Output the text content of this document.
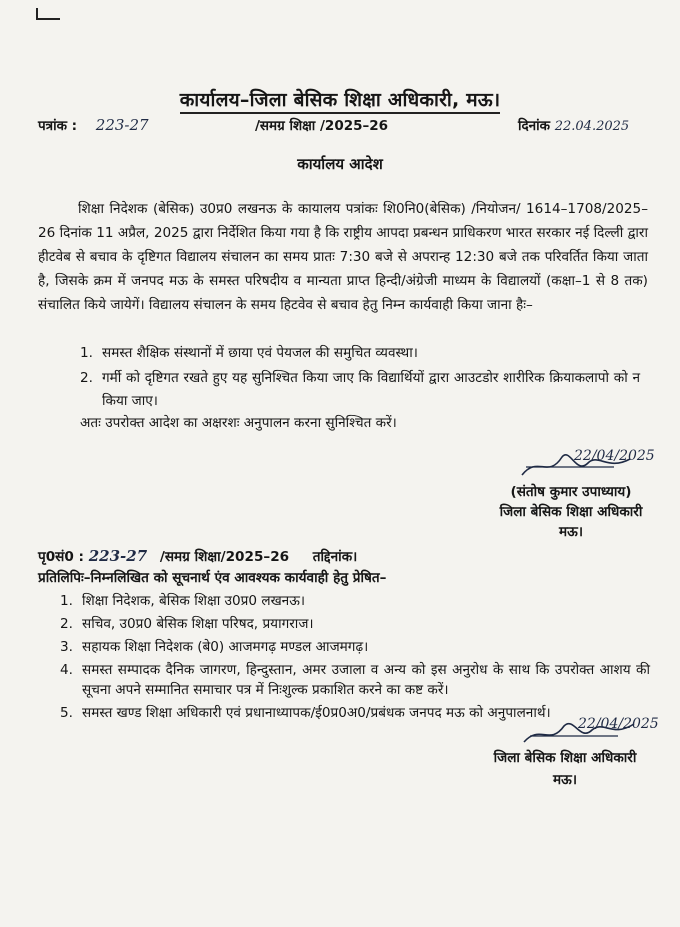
कार्यालय–जिला बेसिक शिक्षा अधिकारी, मऊ।
पत्रांक : 223-27	/समग्र शिक्षा /2025–26	दिनांक 22.04.2025
कार्यालय आदेश
शिक्षा निदेशक (बेसिक) उ0प्र0 लखनऊ के कायालय पत्रांकः शि0नि0(बेसिक) /नियोजन/ 1614–1708/2025–26 दिनांक 11 अप्रैल, 2025 द्वारा निर्देशित किया गया है कि राष्ट्रीय आपदा प्रबन्धन प्राधिकरण भारत सरकार नई दिल्ली द्वारा हीटवेब से बचाव के दृष्टिगत विद्यालय संचालन का समय प्रातः 7:30 बजे से अपरान्ह 12:30 बजे तक परिवर्तित किया जाता है, जिसके क्रम में जनपद मऊ के समस्त परिषदीय व मान्यता प्राप्त हिन्दी/अंग्रेजी माध्यम के विद्यालयों (कक्षा–1 से 8 तक) संचालित किये जायेगें। विद्यालय संचालन के समय हिटवेव से बचाव हेतु निम्न कार्यवाही किया जाना हैः–
1. समस्त शैक्षिक संस्थानों में छाया एवं पेयजल की समुचित व्यवस्था।
2. गर्मी को दृष्टिगत रखते हुए यह सुनिश्चित किया जाए कि विद्यार्थियों द्वारा आउटडोर शारीरिक क्रियाकलापो को न किया जाए।
अतः उपरोक्त आदेश का अक्षरशः अनुपालन करना सुनिश्चित करें।
22/04/2025
(संतोष कुमार उपाध्याय)
जिला बेसिक शिक्षा अधिकारी
मऊ।
पृ0सं0 : 223-27 /समग्र शिक्षा/2025–26     तद्दिनांक।
प्रतिलिपिः–निम्नलिखित को सूचनार्थ एंव आवश्यक कार्यवाही हेतु प्रेषित–
1. शिक्षा निदेशक, बेसिक शिक्षा उ0प्र0 लखनऊ।
2. सचिव, उ0प्र0 बेसिक शिक्षा परिषद, प्रयागराज।
3. सहायक शिक्षा निदेशक (बे0) आजमगढ़ मण्डल आजमगढ़।
4. समस्त सम्पादक दैनिक जागरण, हिन्दुस्तान, अमर उजाला व अन्य को इस अनुरोध के साथ कि उपरोक्त आशय की सूचना अपने सम्मानित समाचार पत्र में निःशुल्क प्रकाशित करने का कष्ट करें।
5. समस्त खण्ड शिक्षा अधिकारी एवं प्रधानाध्यापक/ई0प्र0अ0/प्रबंधक जनपद मऊ को अनुपालनार्थ।
22/04/2025
जिला बेसिक शिक्षा अधिकारी
मऊ।
